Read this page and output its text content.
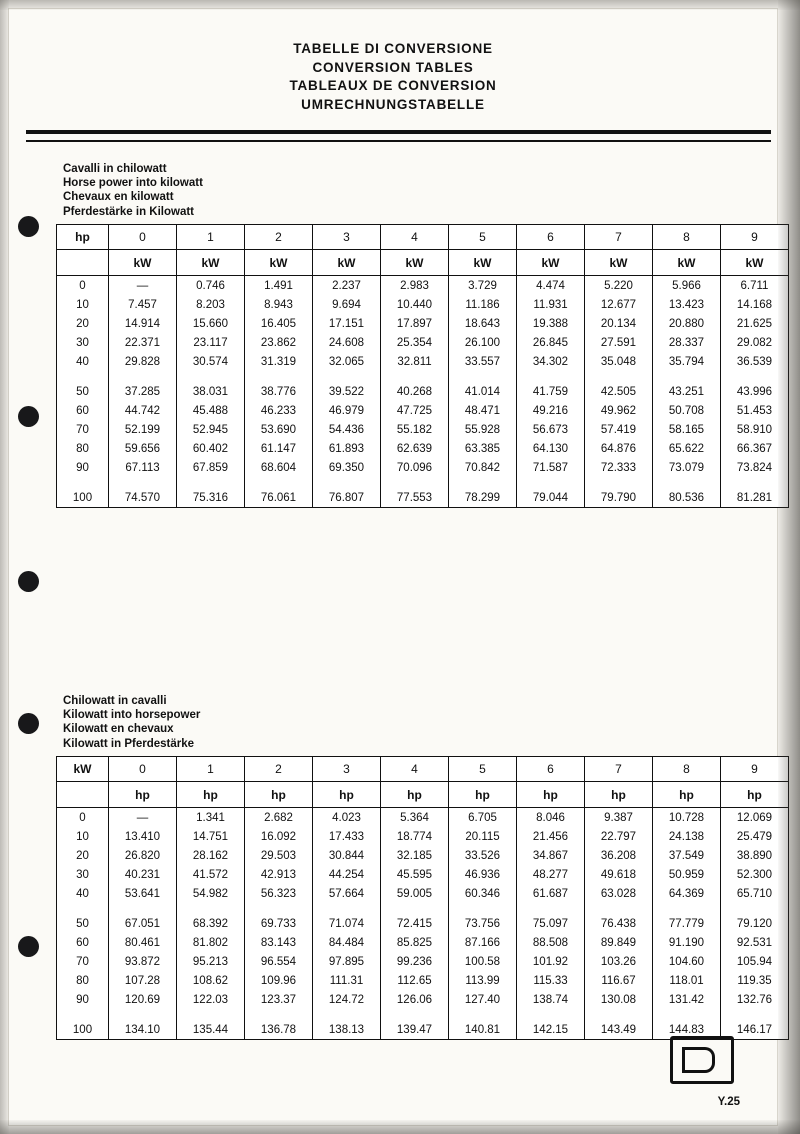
TABELLE DI CONVERSIONE
CONVERSION TABLES
TABLEAUX DE CONVERSION
UMRECHNUNGSTABELLE
Cavalli in chilowatt
Horse power into kilowatt
Chevaux en kilowatt
Pferdestärke in Kilowatt
hp	0	1	2	3	4	5	6	7	8	9
	kW	kW	kW	kW	kW	kW	kW	kW	kW	kW
0	—	0.746	1.491	2.237	2.983	3.729	4.474	5.220	5.966	6.711
10	7.457	8.203	8.943	9.694	10.440	11.186	11.931	12.677	13.423	14.168
20	14.914	15.660	16.405	17.151	17.897	18.643	19.388	20.134	20.880	21.625
30	22.371	23.117	23.862	24.608	25.354	26.100	26.845	27.591	28.337	29.082
40	29.828	30.574	31.319	32.065	32.811	33.557	34.302	35.048	35.794	36.539

50	37.285	38.031	38.776	39.522	40.268	41.014	41.759	42.505	43.251	43.996
60	44.742	45.488	46.233	46.979	47.725	48.471	49.216	49.962	50.708	51.453
70	52.199	52.945	53.690	54.436	55.182	55.928	56.673	57.419	58.165	58.910
80	59.656	60.402	61.147	61.893	62.639	63.385	64.130	64.876	65.622	66.367
90	67.113	67.859	68.604	69.350	70.096	70.842	71.587	72.333	73.079	73.824

100	74.570	75.316	76.061	76.807	77.553	78.299	79.044	79.790	80.536	81.281
Chilowatt in cavalli
Kilowatt into horsepower
Kilowatt en chevaux
Kilowatt in Pferdestärke
kW	0	1	2	3	4	5	6	7	8	9
	hp	hp	hp	hp	hp	hp	hp	hp	hp	hp
0	—	1.341	2.682	4.023	5.364	6.705	8.046	9.387	10.728	12.069
10	13.410	14.751	16.092	17.433	18.774	20.115	21.456	22.797	24.138	25.479
20	26.820	28.162	29.503	30.844	32.185	33.526	34.867	36.208	37.549	38.890
30	40.231	41.572	42.913	44.254	45.595	46.936	48.277	49.618	50.959	52.300
40	53.641	54.982	56.323	57.664	59.005	60.346	61.687	63.028	64.369	65.710

50	67.051	68.392	69.733	71.074	72.415	73.756	75.097	76.438	77.779	79.120
60	80.461	81.802	83.143	84.484	85.825	87.166	88.508	89.849	91.190	92.531
70	93.872	95.213	96.554	97.895	99.236	100.58	101.92	103.26	104.60	105.94
80	107.28	108.62	109.96	111.31	112.65	113.99	115.33	116.67	118.01	119.35
90	120.69	122.03	123.37	124.72	126.06	127.40	138.74	130.08	131.42	132.76

100	134.10	135.44	136.78	138.13	139.47	140.81	142.15	143.49	144.83	146.17
Y.25
